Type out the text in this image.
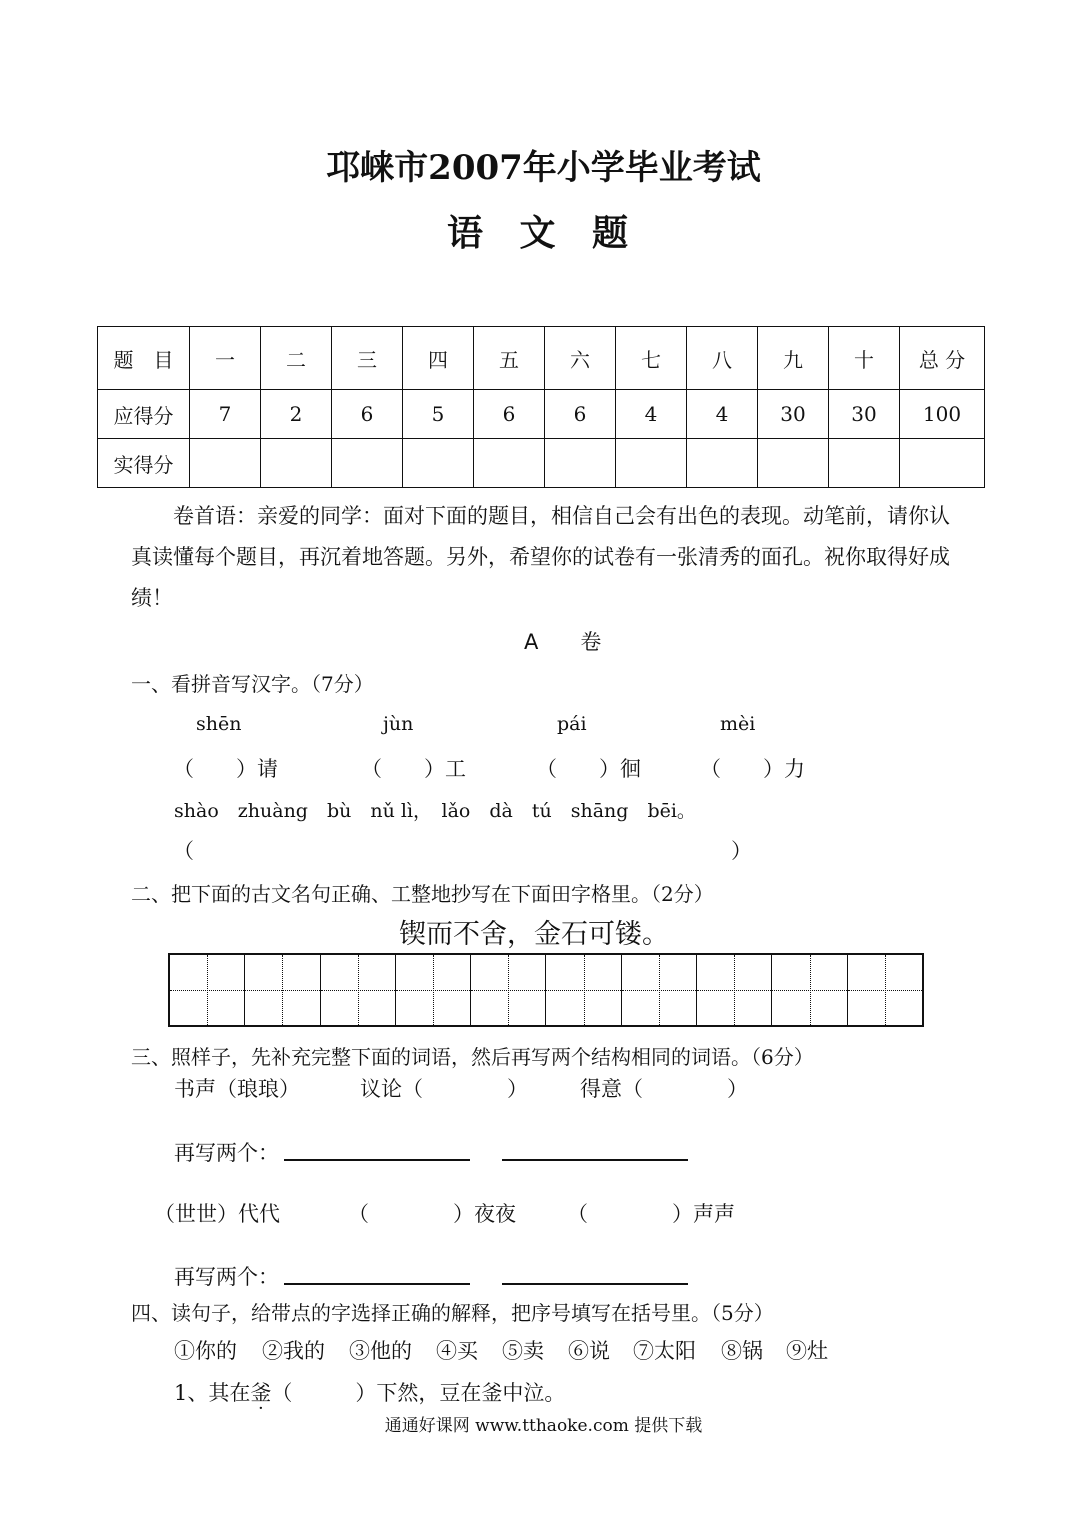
邛崃市2007年小学毕业考试
语 文 题
题　目	一	二	三	四	五	六	七	八	九	十	总 分
应得分	7	2	6	5	6	6	4	4	30	30	100
实得分											
卷首语：亲爱的同学：面对下面的题目，相信自己会有出色的表现。动笔前，请你认真读懂每个题目，再沉着地答题。另外，希望你的试卷有一张清秀的面孔。祝你取得好成绩！
A　　卷
一、看拼音写汉字。（7分）
shēn	jùn	pái	mèi
（　　）请	（　　）工	（　　）徊	（　　）力
shào　zhuàng　bù　nǔ lì，　lǎo　dà　tú　shāng　bēi。
（	）
二、把下面的古文名句正确、工整地抄写在下面田字格里。（2分）
锲而不舍，金石可镂。
三、照样子，先补充完整下面的词语，然后再写两个结构相同的词语。（6分）
书声（琅琅）	议论（　　　　） 得意（　　　　）
再写两个：
（世世）代代	（　　　　）夜夜 （　　　　）声声
再写两个：
四、读句子，给带点的字选择正确的解释，把序号填写在括号里。（5分）
①你的 ②我的 ③他的 ④买 ⑤卖 ⑥说 ⑦太阳 ⑧锅 ⑨灶
1、其在釜（　　　）下然，豆在釜中泣。
通通好课网 www.tthaoke.com 提供下载
